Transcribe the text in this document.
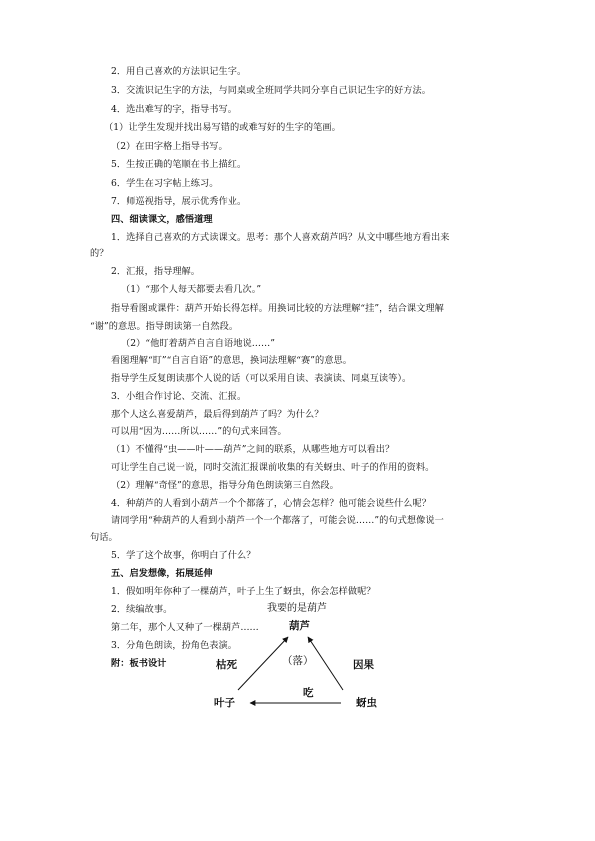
2．用自己喜欢的方法识记生字。
3．交流识记生字的方法，与同桌或全班同学共同分享自己识记生字的好方法。
4．选出难写的字，指导书写。
（1）让学生发现并找出易写错的或难写好的生字的笔画。
（2）在田字格上指导书写。
5．生按正确的笔顺在书上描红。
6．学生在习字帖上练习。
7．师巡视指导，展示优秀作业。
四、细读课文，感悟道理
1．选择自己喜欢的方式读课文。思考：那个人喜欢葫芦吗？从文中哪些地方看出来
的？
2．汇报，指导理解。
（1）“那个人每天都要去看几次。”
指导看图或课件：葫芦开始长得怎样。用换词比较的方法理解“挂”，结合课文理解
“谢”的意思。指导朗读第一自然段。
（2）“他盯着葫芦自言自语地说……”
看图理解“盯”“自言自语”的意思，换词法理解“赛”的意思。
指导学生反复朗读那个人说的话（可以采用自读、表演读、同桌互读等）。
3．小组合作讨论、交流、汇报。
那个人这么喜爱葫芦，最后得到葫芦了吗？为什么？
可以用“因为……所以……”的句式来回答。
（1）不懂得“虫——叶——葫芦”之间的联系，从哪些地方可以看出？
可让学生自己说一说，同时交流汇报课前收集的有关蚜虫、叶子的作用的资料。
（2）理解“奇怪”的意思，指导分角色朗读第三自然段。
4．种葫芦的人看到小葫芦一个个都落了，心情会怎样？他可能会说些什么呢？
请同学用“种葫芦的人看到小葫芦一个一个都落了，可能会说……”的句式想像说一
句话。
5．学了这个故事，你明白了什么？
五、启发想像，拓展延伸
1．假如明年你种了一棵葫芦，叶子上生了蚜虫，你会怎样做呢？
2．续编故事。
第二年，那个人又种了一棵葫芦……
3．分角色朗读，扮角色表演。
附：板书设计
我要的是葫芦
葫芦
枯死	因果
（落）
吃
叶子	蚜虫
